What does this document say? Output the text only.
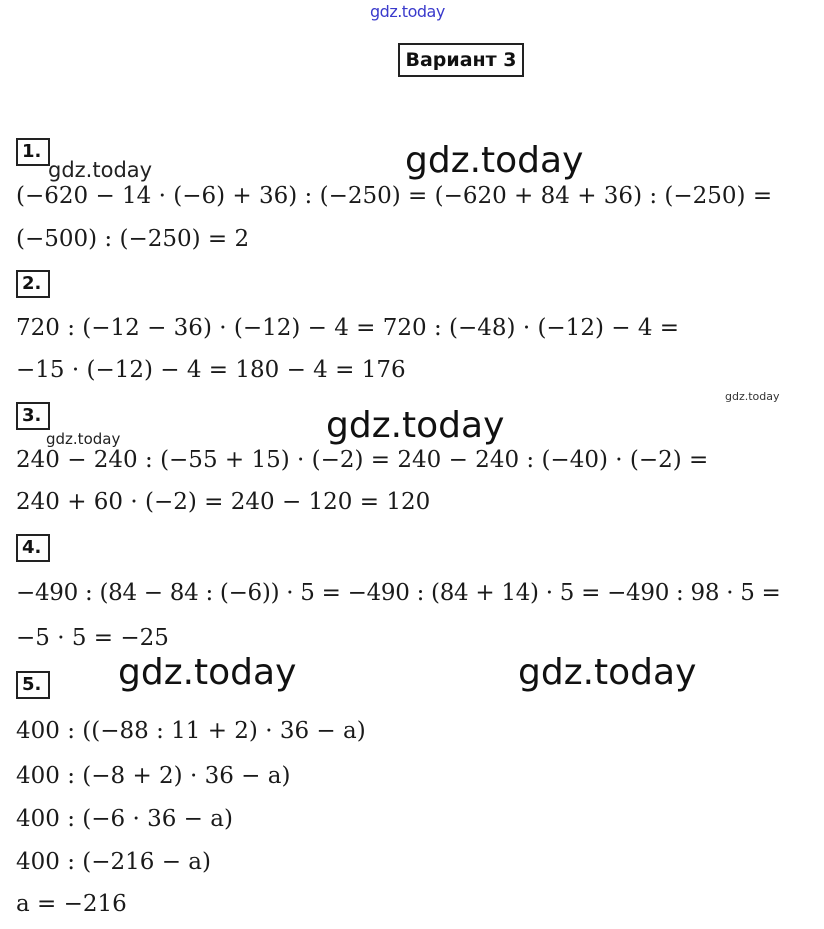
gdz.today
Вариант 3
1.
gdz.today	gdz.today
(−620 − 14 · (−6) + 36) : (−250) = (−620 + 84 + 36) : (−250) =
(−500) : (−250) = 2
2.
720 : (−12 − 36) · (−12) − 4 = 720 : (−48) · (−12) − 4 =
−15 · (−12) − 4 = 180 − 4 = 176
gdz.today
3.	gdz.today
gdz.today
240 − 240 : (−55 + 15) · (−2) = 240 − 240 : (−40) · (−2) =
240 + 60 · (−2) = 240 − 120 = 120
4.
−490 : (84 − 84 : (−6)) · 5 = −490 : (84 + 14) · 5 = −490 : 98 · 5 =
−5 · 5 = −25
5. gdz.today	gdz.today
400 : ((−88 : 11 + 2) · 36 − a)
400 : (−8 + 2) · 36 − a)
400 : (−6 · 36 − a)
400 : (−216 − a)
a = −216
